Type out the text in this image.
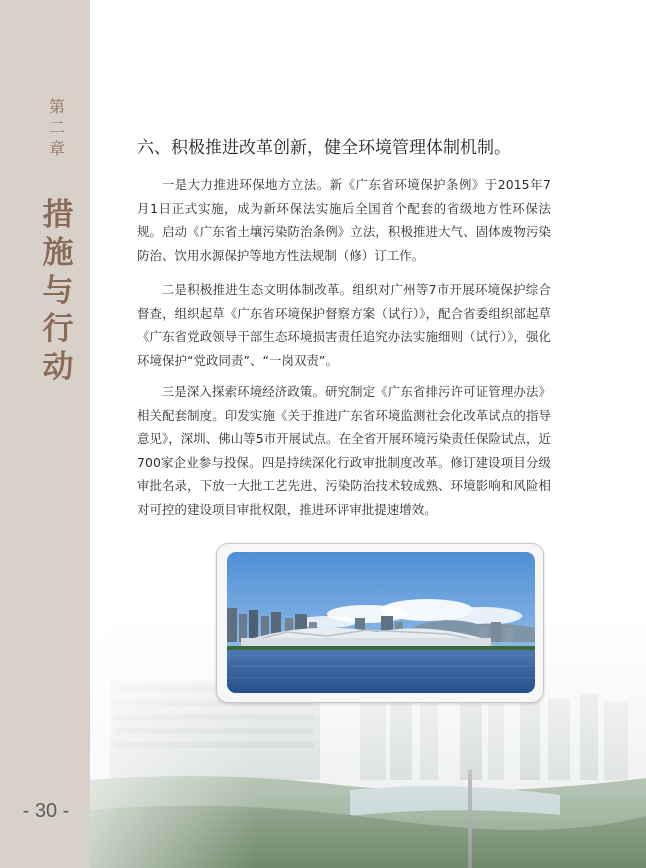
第二章
措施与行动
- 30 -
六、积极推进改革创新，健全环境管理体制机制。

一是大力推进环保地方立法。新《广东省环境保护条例》于2015年7月1日正式实施，成为新环保法实施后全国首个配套的省级地方性环保法规。启动《广东省土壤污染防治条例》立法，积极推进大气、固体废物污染防治、饮用水源保护等地方性法规制（修）订工作。

二是积极推进生态文明体制改革。组织对广州等7市开展环境保护综合督查，组织起草《广东省环境保护督察方案（试行）》，配合省委组织部起草《广东省党政领导干部生态环境损害责任追究办法实施细则（试行）》，强化环境保护“党政同责”、“一岗双责”。

三是深入探索环境经济政策。研究制定《广东省排污许可证管理办法》相关配套制度。印发实施《关于推进广东省环境监测社会化改革试点的指导意见》，深圳、佛山等5市开展试点。在全省开展环境污染责任保险试点，近700家企业参与投保。四是持续深化行政审批制度改革。修订建设项目分级审批名录，下放一大批工艺先进、污染防治技术较成熟、环境影响和风险相对可控的建设项目审批权限，推进环评审批提速增效。
